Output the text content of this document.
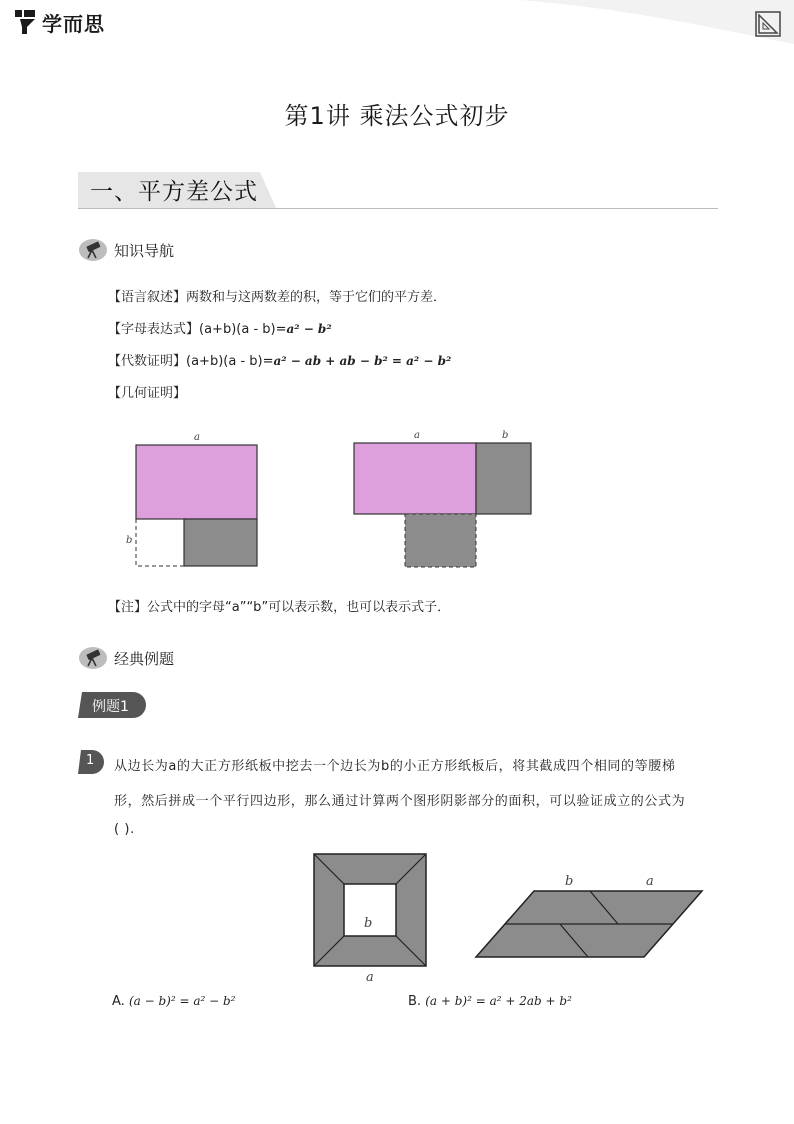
学而思
第1讲 乘法公式初步
一、平方差公式
知识导航
【语言叙述】两数和与这两数差的积，等于它们的平方差．
【字母表达式】(a+b)(a - b)=a² − b²
【代数证明】(a+b)(a - b)=a² − ab + ab − b² = a² − b²
【几何证明】
a
b
a	b
【注】公式中的字母“a”“b”可以表示数，也可以表示式子．
经典例题
例题1
1 从边长为a的大正方形纸板中挖去一个边长为b的小正方形纸板后，将其截成四个相同的等腰梯
形，然后拼成一个平行四边形，那么通过计算两个图形阴影部分的面积，可以验证成立的公式为
( ).
b
a
b	a
A. (a − b)² = a² − b²	B. (a + b)² = a² + 2ab + b²
